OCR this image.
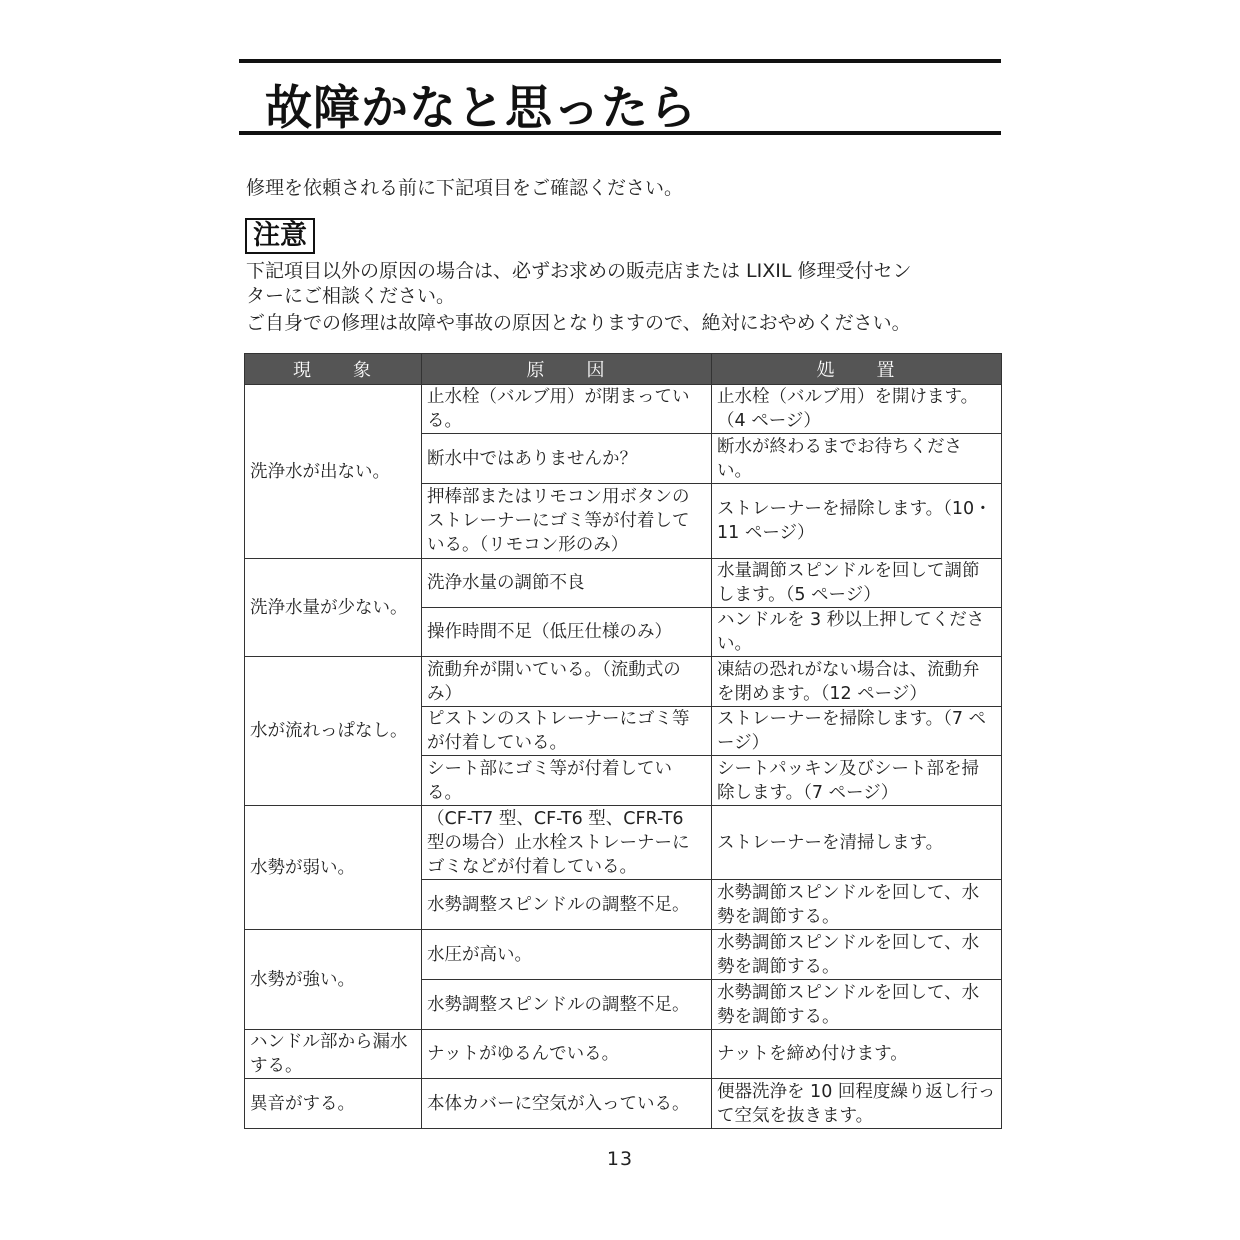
故障かなと思ったら
修理を依頼される前に下記項目をご確認ください。
注意
下記項目以外の原因の場合は、必ずお求めの販売店または LIXIL 修理受付セン
ターにご相談ください。
ご自身での修理は故障や事故の原因となりますので、絶対におやめください。
現　　象	原　　因	処　　置
洗浄水が出ない。	止水栓（バルブ用）が閉まっている。	止水栓（バルブ用）を開けます。（4 ページ）
	断水中ではありませんか？	断水が終わるまでお待ちください。
	押棒部またはリモコン用ボタンのストレーナーにゴミ等が付着している。（リモコン形のみ）	ストレーナーを掃除します。（10・11 ページ）
洗浄水量が少ない。	洗浄水量の調節不良	水量調節スピンドルを回して調節します。（5 ページ）
	操作時間不足（低圧仕様のみ）	ハンドルを 3 秒以上押してください。
水が流れっぱなし。	流動弁が開いている。（流動式のみ）	凍結の恐れがない場合は、流動弁を閉めます。（12 ページ）
	ピストンのストレーナーにゴミ等が付着している。	ストレーナーを掃除します。（7 ページ）
	シート部にゴミ等が付着している。	シートパッキン及びシート部を掃除します。（7 ページ）
水勢が弱い。	（CF-T7 型、CF-T6 型、CFR-T6 型の場合）止水栓ストレーナーにゴミなどが付着している。	ストレーナーを清掃します。
	水勢調整スピンドルの調整不足。	水勢調節スピンドルを回して、水勢を調節する。
水勢が強い。	水圧が高い。	水勢調節スピンドルを回して、水勢を調節する。
	水勢調整スピンドルの調整不足。	水勢調節スピンドルを回して、水勢を調節する。
ハンドル部から漏水する。	ナットがゆるんでいる。	ナットを締め付けます。
異音がする。	本体カバーに空気が入っている。	便器洗浄を 10 回程度繰り返し行って空気を抜きます。
13
